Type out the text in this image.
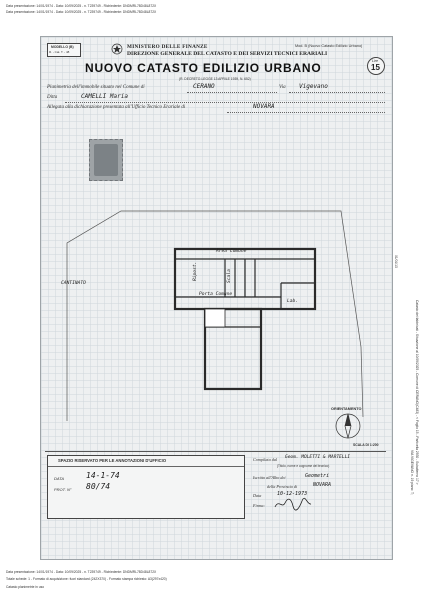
Data presentazione: 14/01/1974 - Data: 10/09/2025 - n. T239749 - Richiedente: DNDMRL78D48L872X
Data presentazione: 14/01/1974 - Data: 10/09/2025 - n. T239749 - Richiedente: DNDMRL78D48L872X
Data presentazione: 14/01/1974 - Data: 10/09/2025 - n. T239749 - Richiedente: DNDMRL78D48L872X
Totale schede: 1 - Formato di acquisizione: fuori standard (242X370) - Formato stampa richiesto: A3(297x420)
Catasto planimetrie in uso
Catasto dei fabbricati - Situazione al 10/09/2025 - Comune di CERANO(C483) - < Foglio 15 - Particella 2930 - Subalterno 17 >
VIA VIGEVANO n. 19 piano: T;
01/01/13
MODELLO (B)
R. - Cat. T. - 48
MINISTERO DELLE FINANZE
DIREZIONE GENERALE DEL CATASTO E DEI SERVIZI TECNICI ERARIALI
NUOVO CATASTO EDILIZIO URBANO
(R. DECRETO-LEGGE 13 APRILE 1939, N. 652)
Mod. B (Nuovo Catasto Edilizio Urbano)
Lire
15
Planimetria dell'immobile situato nel Comune di	CERANO	Via Vigevano
Ditta	CAMELLI Maria
Allegata alla dichiarazione presentata all'Ufficio Tecnico Erariale di	NOVARA
Area Comune
Ripost.	Scala
CANTINATO
Porta Comune
Lab.
ORIENTAMENTO
SCALA DI 1:200
SPAZIO RISERVATO PER LE ANNOTAZIONI D'UFFICIO
DATA	14-1-74
PROT. N° 80/74
Compilata dal Geom. MOLETTI & MARTELLI
(Titolo, nome e cognome del tecnico)
Iscritto all'Albo dei	Geometri
della Provincia di	NOVARA
Data	10-12-1973
Firma:
